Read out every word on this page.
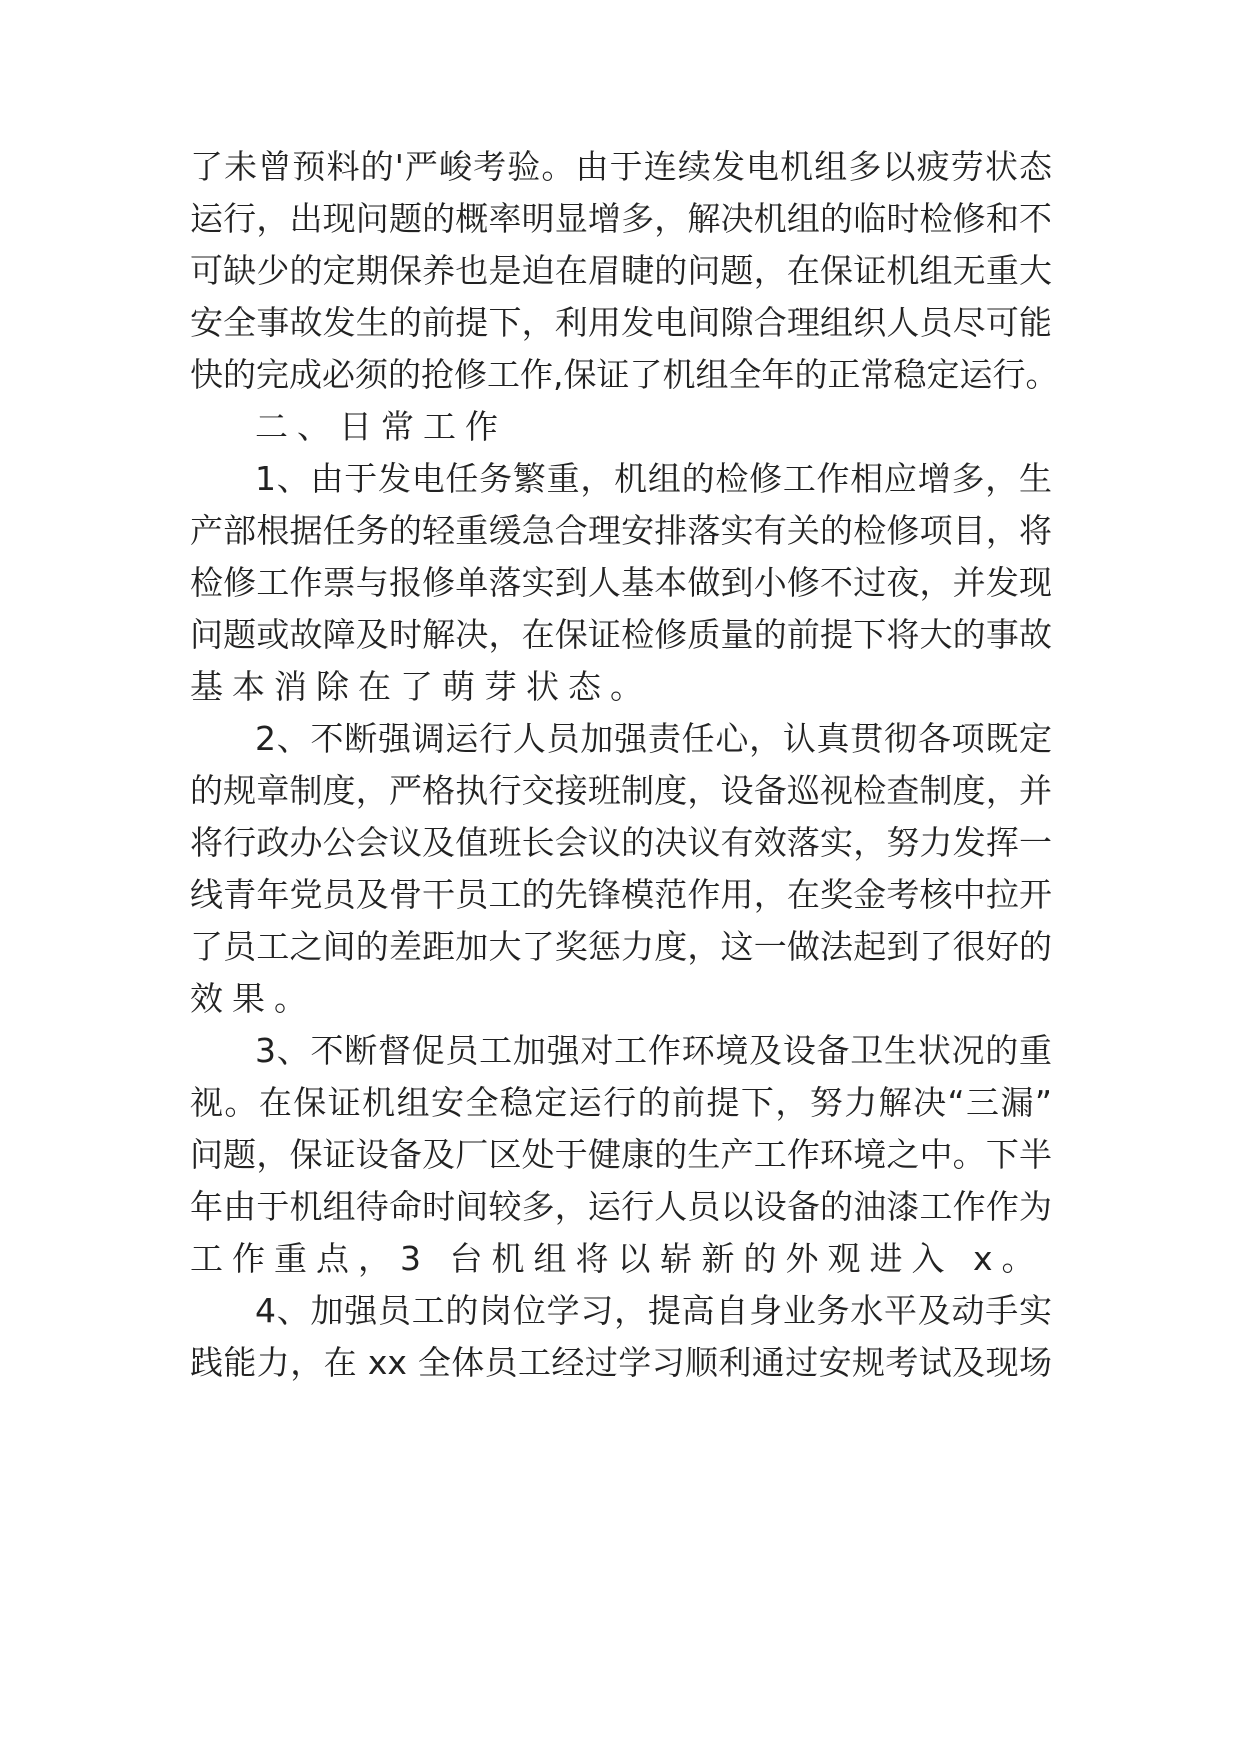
了未曾预料的'严峻考验。由于连续发电机组多以疲劳状态
运行，出现问题的概率明显增多，解决机组的临时检修和不
可缺少的定期保养也是迫在眉睫的问题，在保证机组无重大
安全事故发生的前提下，利用发电间隙合理组织人员尽可能
快的完成必须的抢修工作,保证了机组全年的正常稳定运行。
二、日常工作
1、由于发电任务繁重，机组的检修工作相应增多，生
产部根据任务的轻重缓急合理安排落实有关的检修项目，将
检修工作票与报修单落实到人基本做到小修不过夜，并发现
问题或故障及时解决，在保证检修质量的前提下将大的事故
基本消除在了萌芽状态。
2、不断强调运行人员加强责任心，认真贯彻各项既定
的规章制度，严格执行交接班制度，设备巡视检查制度，并
将行政办公会议及值班长会议的决议有效落实，努力发挥一
线青年党员及骨干员工的先锋模范作用，在奖金考核中拉开
了员工之间的差距加大了奖惩力度，这一做法起到了很好的
效果。
3、不断督促员工加强对工作环境及设备卫生状况的重
视。在保证机组安全稳定运行的前提下，努力解决“三漏”
问题，保证设备及厂区处于健康的生产工作环境之中。下半
年由于机组待命时间较多，运行人员以设备的油漆工作作为
工作重点，3 台机组将以崭新的外观进入 x。
4、加强员工的岗位学习，提高自身业务水平及动手实
践能力，在 xx 全体员工经过学习顺利通过安规考试及现场
